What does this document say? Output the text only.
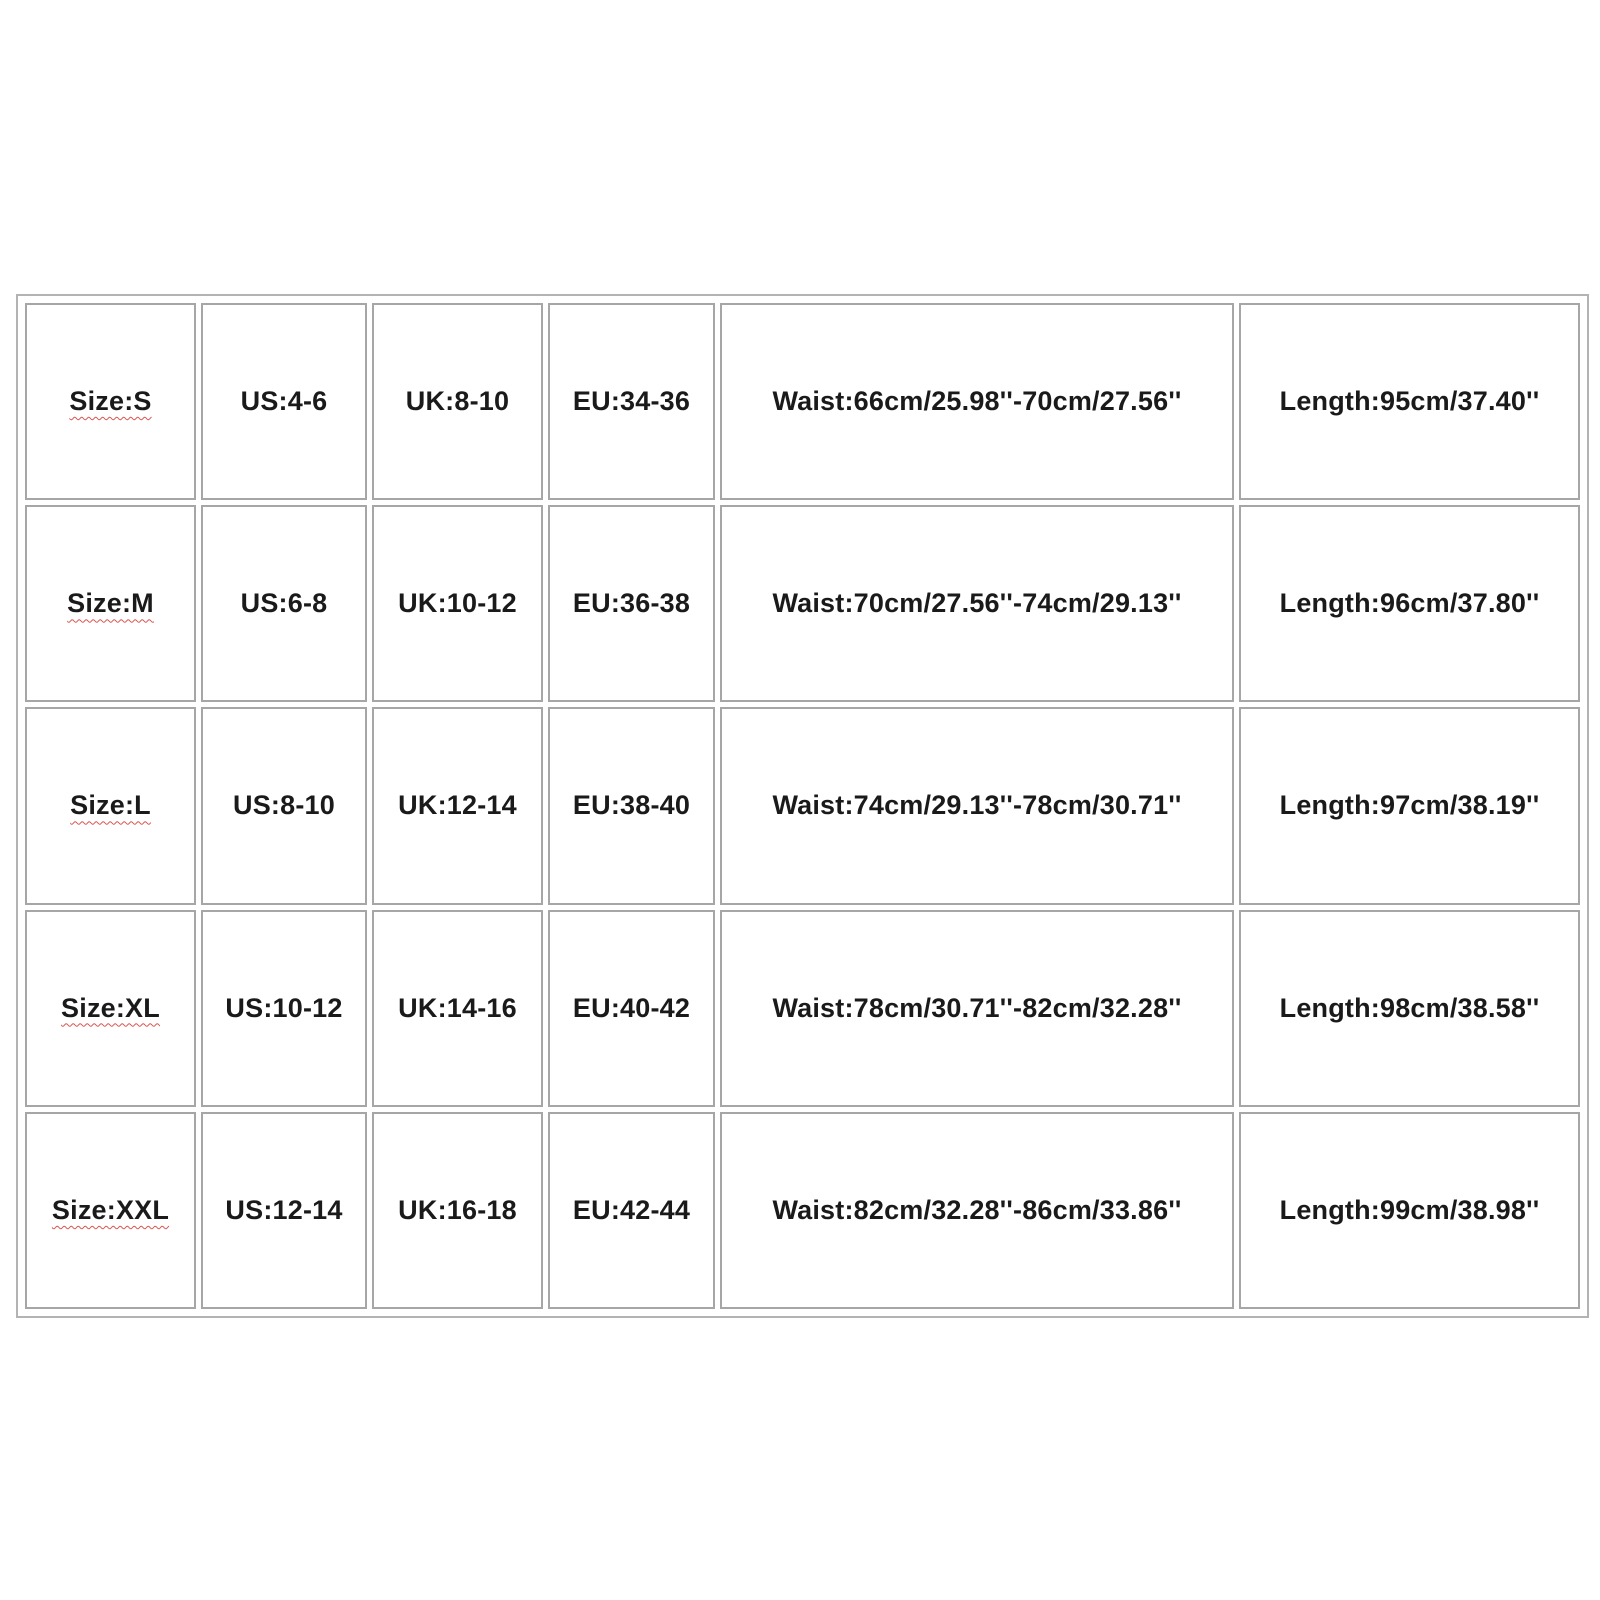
Size:S	US:4-6	UK:8-10	EU:34-36	Waist:66cm/25.98''-70cm/27.56''	Length:95cm/37.40''
Size:M	US:6-8	UK:10-12	EU:36-38	Waist:70cm/27.56''-74cm/29.13''	Length:96cm/37.80''
Size:L	US:8-10	UK:12-14	EU:38-40	Waist:74cm/29.13''-78cm/30.71''	Length:97cm/38.19''
Size:XL	US:10-12	UK:14-16	EU:40-42	Waist:78cm/30.71''-82cm/32.28''	Length:98cm/38.58''
Size:XXL	US:12-14	UK:16-18	EU:42-44	Waist:82cm/32.28''-86cm/33.86''	Length:99cm/38.98''
